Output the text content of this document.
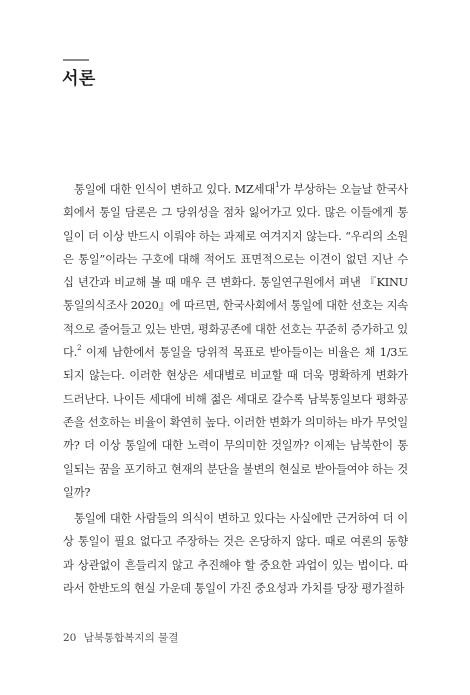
서론

통일에 대한 인식이 변하고 있다. MZ세대$^1$가 부상하는 오늘날 한국사회에서 통일 담론은 그 당위성을 점차 잃어가고 있다. 많은 이들에게 통일이 더 이상 반드시 이뤄야 하는 과제로 여겨지지 않는다. “우리의 소원은 통일”이라는 구호에 대해 적어도 표면적으로는 이견이 없던 지난 수십 년간과 비교해 볼 때 매우 큰 변화다. 통일연구원에서 펴낸 『KINU 통일의식조사 2020』에 따르면, 한국사회에서 통일에 대한 선호는 지속적으로 줄어들고 있는 반면, 평화공존에 대한 선호는 꾸준히 증가하고 있다.$^2$ 이제 남한에서 통일을 당위적 목표로 받아들이는 비율은 채 1/3도 되지 않는다. 이러한 현상은 세대별로 비교할 때 더욱 명확하게 변화가 드러난다. 나이든 세대에 비해 젊은 세대로 갈수록 남북통일보다 평화공존을 선호하는 비율이 확연히 높다. 이러한 변화가 의미하는 바가 무엇일까? 더 이상 통일에 대한 노력이 무의미한 것일까? 이제는 남북한이 통일되는 꿈을 포기하고 현재의 분단을 불변의 현실로 받아들여야 하는 것일까?

통일에 대한 사람들의 의식이 변하고 있다는 사실에만 근거하여 더 이상 통일이 필요 없다고 주장하는 것은 온당하지 않다. 때로 여론의 동향과 상관없이 흔들리지 않고 추진해야 할 중요한 과업이 있는 법이다. 따라서 한반도의 현실 가운데 통일이 가진 중요성과 가치를 당장 평가절하

20 남북통합복지의 물결
